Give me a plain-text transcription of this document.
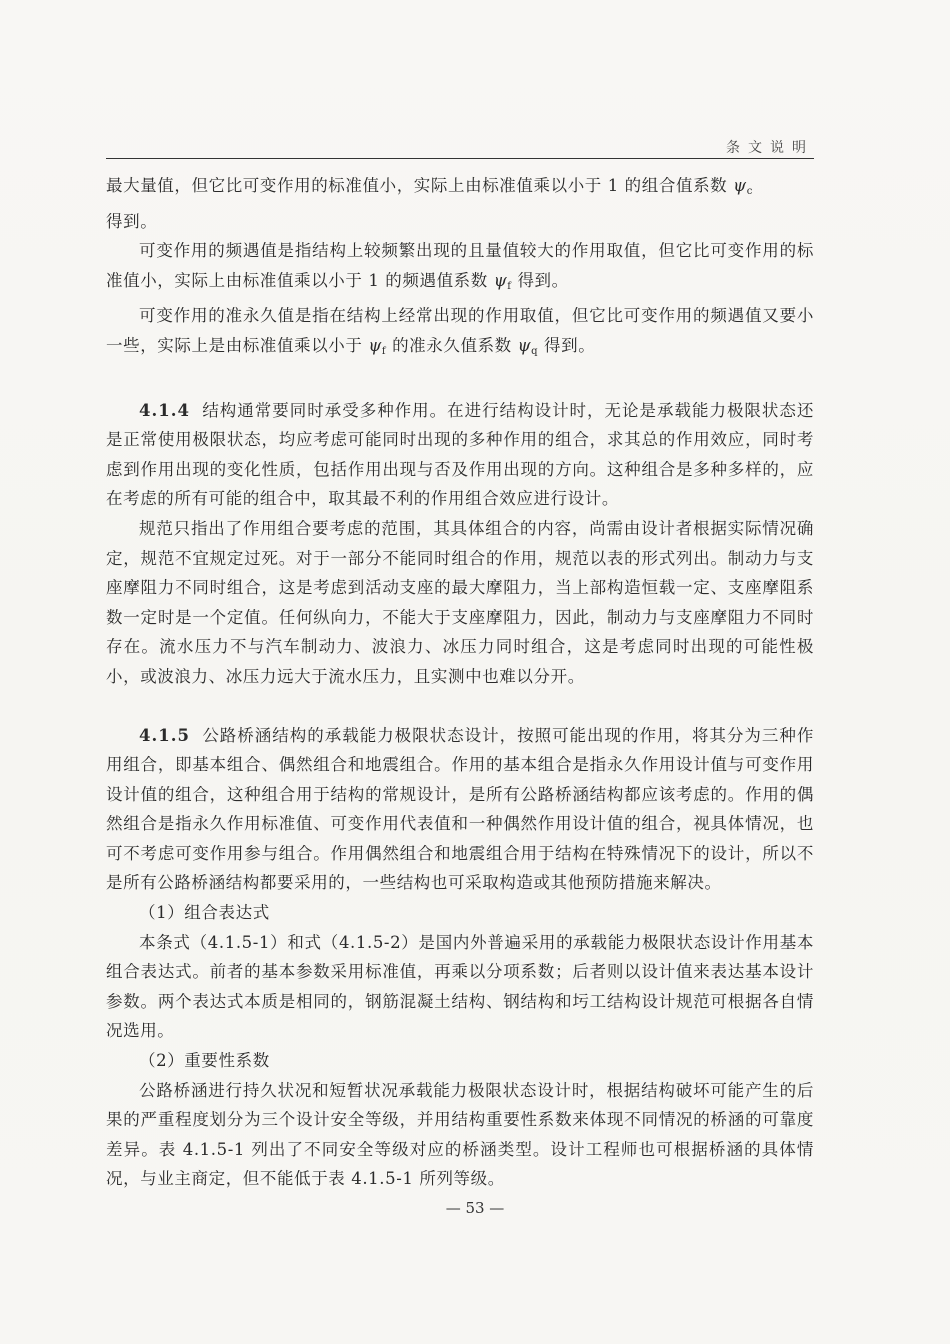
条文说明

最大量值，但它比可变作用的标准值小，实际上由标准值乘以小于 1 的组合值系数 $\psi_c$
得到。

可变作用的频遇值是指结构上较频繁出现的且量值较大的作用取值，但它比可变作用的标准值小，实际上由标准值乘以小于 1 的频遇值系数 $\psi_f$ 得到。

可变作用的准永久值是指在结构上经常出现的作用取值，但它比可变作用的频遇值又要小一些，实际上是由标准值乘以小于 $\psi_f$ 的准永久值系数 $\psi_q$ 得到。

4.1.4 结构通常要同时承受多种作用。在进行结构设计时，无论是承载能力极限状态还是正常使用极限状态，均应考虑可能同时出现的多种作用的组合，求其总的作用效应，同时考虑到作用出现的变化性质，包括作用出现与否及作用出现的方向。这种组合是多种多样的，应在考虑的所有可能的组合中，取其最不利的作用组合效应进行设计。

规范只指出了作用组合要考虑的范围，其具体组合的内容，尚需由设计者根据实际情况确定，规范不宜规定过死。对于一部分不能同时组合的作用，规范以表的形式列出。制动力与支座摩阻力不同时组合，这是考虑到活动支座的最大摩阻力，当上部构造恒载一定、支座摩阻系数一定时是一个定值。任何纵向力，不能大于支座摩阻力，因此，制动力与支座摩阻力不同时存在。流水压力不与汽车制动力、波浪力、冰压力同时组合，这是考虑同时出现的可能性极小，或波浪力、冰压力远大于流水压力，且实测中也难以分开。

4.1.5 公路桥涵结构的承载能力极限状态设计，按照可能出现的作用，将其分为三种作用组合，即基本组合、偶然组合和地震组合。作用的基本组合是指永久作用设计值与可变作用设计值的组合，这种组合用于结构的常规设计，是所有公路桥涵结构都应该考虑的。作用的偶然组合是指永久作用标准值、可变作用代表值和一种偶然作用设计值的组合，视具体情况，也可不考虑可变作用参与组合。作用偶然组合和地震组合用于结构在特殊情况下的设计，所以不是所有公路桥涵结构都要采用的，一些结构也可采取构造或其他预防措施来解决。

（1）组合表达式

本条式（4.1.5-1）和式（4.1.5-2）是国内外普遍采用的承载能力极限状态设计作用基本组合表达式。前者的基本参数采用标准值，再乘以分项系数；后者则以设计值来表达基本设计参数。两个表达式本质是相同的，钢筋混凝土结构、钢结构和圬工结构设计规范可根据各自情况选用。

（2）重要性系数

公路桥涵进行持久状况和短暂状况承载能力极限状态设计时，根据结构破坏可能产生的后果的严重程度划分为三个设计安全等级，并用结构重要性系数来体现不同情况的桥涵的可靠度差异。表 4.1.5-1 列出了不同安全等级对应的桥涵类型。设计工程师也可根据桥涵的具体情况，与业主商定，但不能低于表 4.1.5-1 所列等级。

— 53 —
